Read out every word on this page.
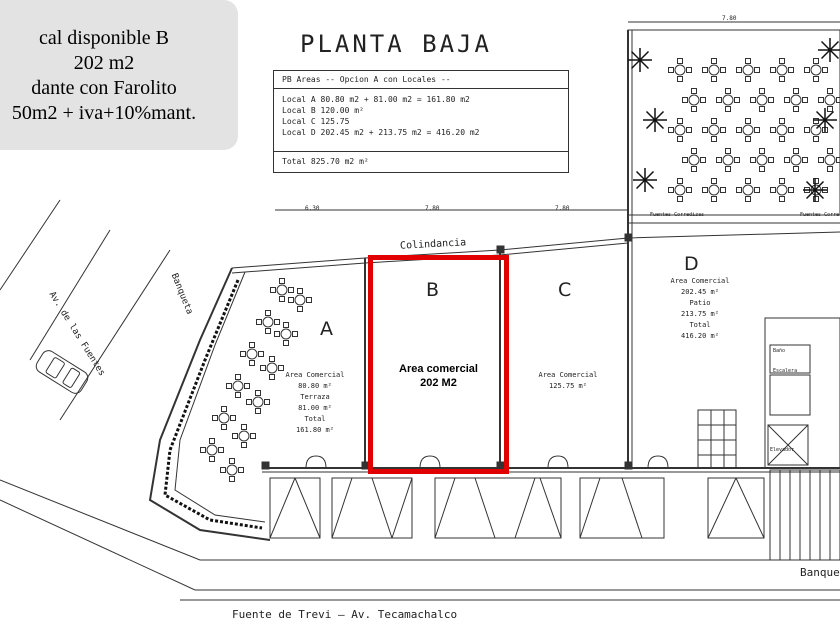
cal disponible B
202 m2
dante con Farolito
50m2 + iva+10%mant.
PLANTA BAJA
PB Areas -- Opcion A con Locales --
Local A 80.80 m2 + 81.00 m2 = 161.80 m2
Local B 120.00 m²
Local C 125.75
Local D 202.45 m2 + 213.75 m2 = 416.20 m2
Total 825.70 m2 m²
6.30	7.80	7.80
7.80
Colindancia
Av. de las Fuentes	Banqueta
Banque
Fuente de Trevi — Av. Tecamachalco
Fuentes Corredizas	Fuentes Corre
Baño
Escalera
Elevador
A
Area Comercial
80.80 m²
Terraza
81.00 m²
Total
161.80 m²
B	C
Area Comercial
125.75 m²
D
Area Comercial
202.45 m²
Patio
213.75 m²
Total
416.20 m²
Area comercial
202 M2
